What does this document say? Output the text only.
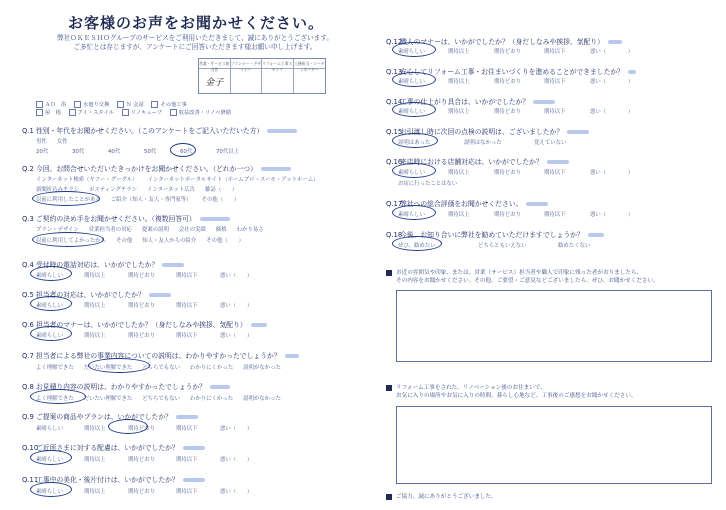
お客様のお声をお聞かせください。
弊社ＯＫＥＳＨＯグループのサービスをご利用いただきまして、誠にありがとうございます。
ご多忙とは存じますが、アンケートにご回答いただきます様お願い申し上げます。
営業・サービス担当者
プランナー・デザイナー
リフォーム工事スタッフ
工務担当・コーディネーター
金子
ＡＯ　浴	水廻り交換	Ｎ 会話	その他工事
屋　根	アイ・スタイル	リノキューブ	収益改善・リノベ修繕
Q.1 性別・年代をお聞かせください。（このアンケートをご記入いただいた方）
男性 女性
20代	30代	40代	50代	60代	70代以上
Q.2 今回、お問合せいただいたきっかけをお聞かせください。（どれか一つ）
インターネット検索（ヤフー・グーグル） インターネットポータルサイト（ホームプロ・スーモ・アットホーム）
新聞折込みチラシ ポスティングチラシ インターネット広告 雑誌（　　）
以前に利用したことがある ご紹介（知人・友人・専門家等） その他（　　）
Q.3 ご契約の決め手をお聞かせください。（複数回答可）
プラン・デザイン 営業担当者の対応 提案の説明 会社の実績 価格 わかり易さ
以前に利用してよかったから その他 知人・友人からの紹介 その他（　　）
Q.4 受付時の電話対応は、いかがでしたか？
素晴らしい	期待以上	期待どおり	期待以下	悪い（　　）
Q.5 担当者の対応は、いかがでしたか？
素晴らしい	期待以上	期待どおり	期待以下	悪い（　　）
Q.6 担当者のマナーは、いかがでしたか？（身だしなみや挨拶、気配り）
素晴らしい	期待以上	期待どおり	期待以下	悪い（　　）
Q.7 担当者による弊社の事業内容についての説明は、わかりやすかったでしょうか？
よく理解できた だいたい理解できた どちらでもない わかりにくかった 説明がなかった
Q.8 お見積り内容の説明は、わかりやすかったでしょうか？
よく理解できた だいたい理解できた どちらでもない わかりにくかった 説明がなかった
Q.9 ご提案の商品やプランは、いかがでしたか？
素晴らしい	期待以上	期待どおり	期待以下	悪い（　　）
Q.10ご近所さまに対する配慮は、いかがでしたか？
素晴らしい	期待以上	期待どおり	期待以下	悪い（　　）
Q.11工事中の美化・後片付けは、いかがでしたか？
素晴らしい	期待以上	期待どおり	期待以下	悪い（　　）
Q.12職人のマナーは、いかがでしたか？（身だしなみや挨拶、気配り）
素晴らしい	期待以上	期待どおり	期待以下	悪い（　　　　）
Q.13安心してリフォーム工事・お住まいづくりを進めることができましたか？
素晴らしい	期待以上	期待どおり	期待以下	悪い（　　　　）
Q.14工事の仕上がり具合は、いかがでしたか？
素晴らしい	期待以上	期待どおり	期待以下	悪い（　　　　）
Q.15お引渡し時に次回の点検の説明は、ございましたか？
説明はあった	説明はなかった	覚えていない
Q.16来店時における店舗対応は、いかがでしたか？
素晴らしい	期待以上	期待どおり	期待以下	悪い（　　　　）
お店に行ったことはない
Q.17弊社への総合評価をお聞かせください。
素晴らしい	期待以上	期待どおり	期待以下	悪い（　　　　）
Q.18今後、お知り合いに弊社を勧めていただけますでしょうか？
ぜひ、勧めたい	どちらともいえない	勧めたくない
お近の雰囲気や印象、または、営業（サービス）担当者や職人で印象に残った者がおりましたら、
その内容をお聞かせください。その他、ご要望・ご意見などございましたら、ぜひ、お聞かせください。
リフォーム工事をされた、リノベーション後のお住まいで、
お気に入りの場所やお気に入りの時間、暮らし心地など、工事後のご感想をお聞かせください。
ご協力、誠にありがとうございました。
